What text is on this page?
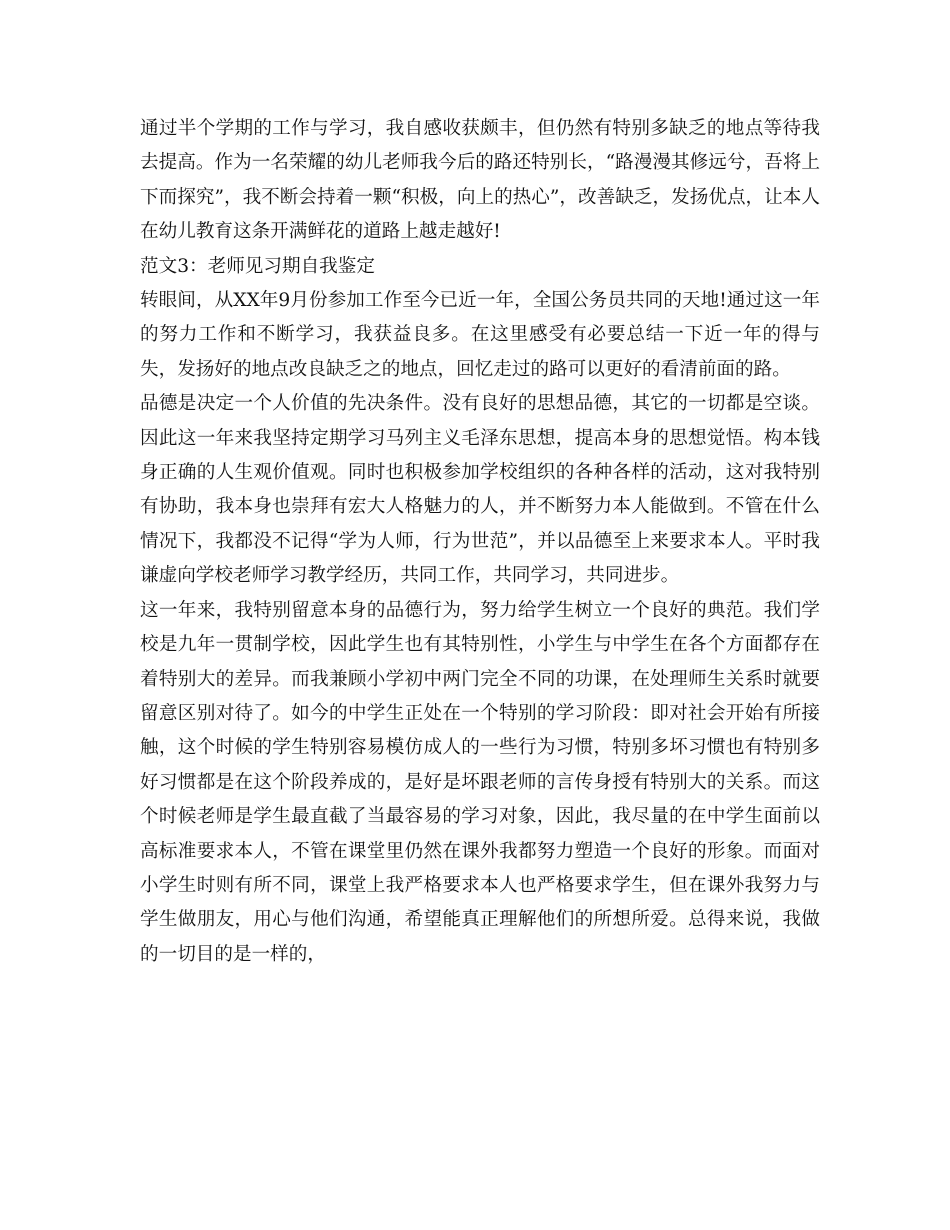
通过半个学期的工作与学习，我自感收获颇丰，但仍然有特别多缺乏的地点等待我去提高。作为一名荣耀的幼儿老师我今后的路还特别长，“路漫漫其修远兮，吾将上下而探究”，我不断会持着一颗“积极，向上的热心”，改善缺乏，发扬优点，让本人在幼儿教育这条开满鲜花的道路上越走越好!

范文3：老师见习期自我鉴定

转眼间，从XX年9月份参加工作至今已近一年，全国公务员共同的天地!通过这一年的努力工作和不断学习，我获益良多。在这里感受有必要总结一下近一年的得与失，发扬好的地点改良缺乏之的地点，回忆走过的路可以更好的看清前面的路。

品德是决定一个人价值的先决条件。没有良好的思想品德，其它的一切都是空谈。因此这一年来我坚持定期学习马列主义毛泽东思想，提高本身的思想觉悟。构本钱身正确的人生观价值观。同时也积极参加学校组织的各种各样的活动，这对我特别有协助，我本身也崇拜有宏大人格魅力的人，并不断努力本人能做到。不管在什么情况下，我都没不记得“学为人师，行为世范”，并以品德至上来要求本人。平时我谦虚向学校老师学习教学经历，共同工作，共同学习，共同进步。

这一年来，我特别留意本身的品德行为，努力给学生树立一个良好的典范。我们学校是九年一贯制学校，因此学生也有其特别性，小学生与中学生在各个方面都存在着特别大的差异。而我兼顾小学初中两门完全不同的功课，在处理师生关系时就要留意区别对待了。如今的中学生正处在一个特别的学习阶段：即对社会开始有所接触，这个时候的学生特别容易模仿成人的一些行为习惯，特别多坏习惯也有特别多好习惯都是在这个阶段养成的，是好是坏跟老师的言传身授有特别大的关系。而这个时候老师是学生最直截了当最容易的学习对象，因此，我尽量的在中学生面前以高标准要求本人，不管在课堂里仍然在课外我都努力塑造一个良好的形象。而面对小学生时则有所不同，课堂上我严格要求本人也严格要求学生，但在课外我努力与学生做朋友，用心与他们沟通，希望能真正理解他们的所想所爱。总得来说，我做的一切目的是一样的，
